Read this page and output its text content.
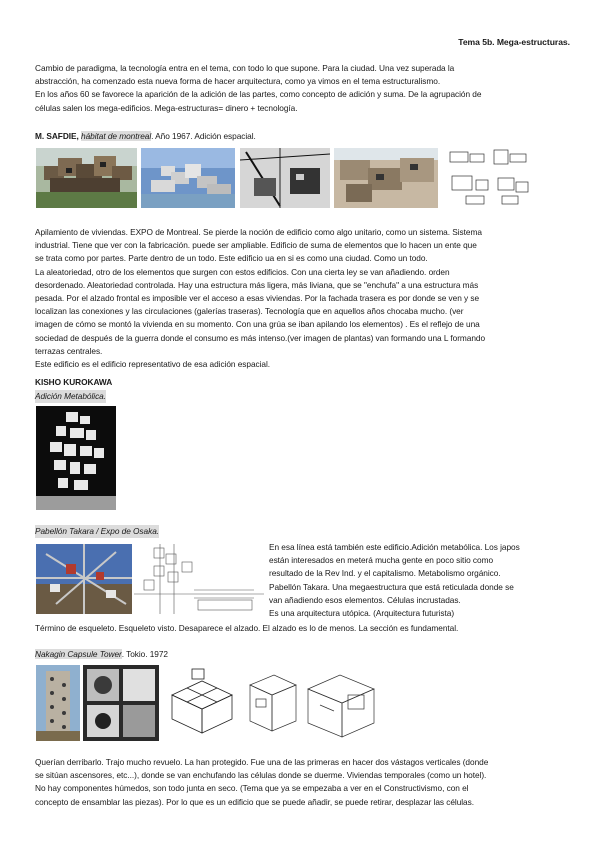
Tema 5b. Mega-estructuras.
Cambio de paradigma, la tecnología entra en el tema, con todo lo que supone. Para la ciudad. Una vez superada la
abstracción, ha comenzado esta nueva forma de hacer arquitectura, como ya vimos en el tema estructuralismo.
En los años 60 se favorece la aparición de la adición de las partes, como concepto de adición y suma. De la agrupación de
células salen los mega-edificios. Mega-estructuras= dinero + tecnología.
M. SAFDIE, hábitat de montreal. Año 1967. Adición espacial.
Apilamiento de viviendas. EXPO de Montreal. Se pierde la noción de edificio como algo unitario, como un sistema. Sistema
industrial. Tiene que ver con la fabricación. puede ser ampliable. Edificio de suma de elementos que lo hacen un ente que
se trata como por partes. Parte dentro de un todo. Este edificio ua en si es como una ciudad. Como un todo.
La aleatoriedad, otro de los elementos que surgen con estos edificios. Con una cierta ley se van añadiendo. orden
desordenado. Aleatoriedad controlada. Hay una estructura más ligera, más liviana, que se "enchufa" a una estructura más
pesada. Por el alzado frontal es imposible ver el acceso a esas viviendas. Por la fachada trasera es por donde se ven y se
localizan las conexiones y las circulaciones (galerías traseras). Tecnología que en aquellos años chocaba mucho. (ver
imagen de cómo se montó la vivienda en su momento. Con una grúa se iban apilando los elementos) . Es el reflejo de una
sociedad de después de la guerra donde el consumo es más intenso.(ver imagen de plantas) van formando una L formando
terrazas centrales.
Este edificio es el edificio representativo de esa adición espacial.
KISHO KUROKAWA
Adición Metabólica.
Pabellón Takara / Expo de Osaka.
En esa línea está también este edificio.Adición metabólica. Los japos
están interesados en meterá mucha gente en poco sitio como
resultado de la Rev Ind. y el capitalismo. Metabolismo orgánico.
Pabellón Takara. Una megaestructura que está reticulada donde se
van añadiendo esos elementos. Células incrustadas.
Es una arquitectura utópica. (Arquitectura futurista)
Término de esqueleto. Esqueleto visto. Desaparece el alzado. El alzado es lo de menos. La sección es fundamental.
Nakagin Capsule Tower. Tokio. 1972
Querían derribarlo. Trajo mucho revuelo. La han protegido. Fue una de las primeras en hacer dos vástagos verticales (donde
se sitúan ascensores, etc...), donde se van enchufando las células donde se duerme. Viviendas temporales (como un hotel).
No hay componentes húmedos, son todo junta en seco. (Tema que ya se empezaba a ver en el Constructivismo, con el
concepto de ensamblar las piezas). Por lo que es un edificio que se puede añadir, se puede retirar, desplazar las células.
